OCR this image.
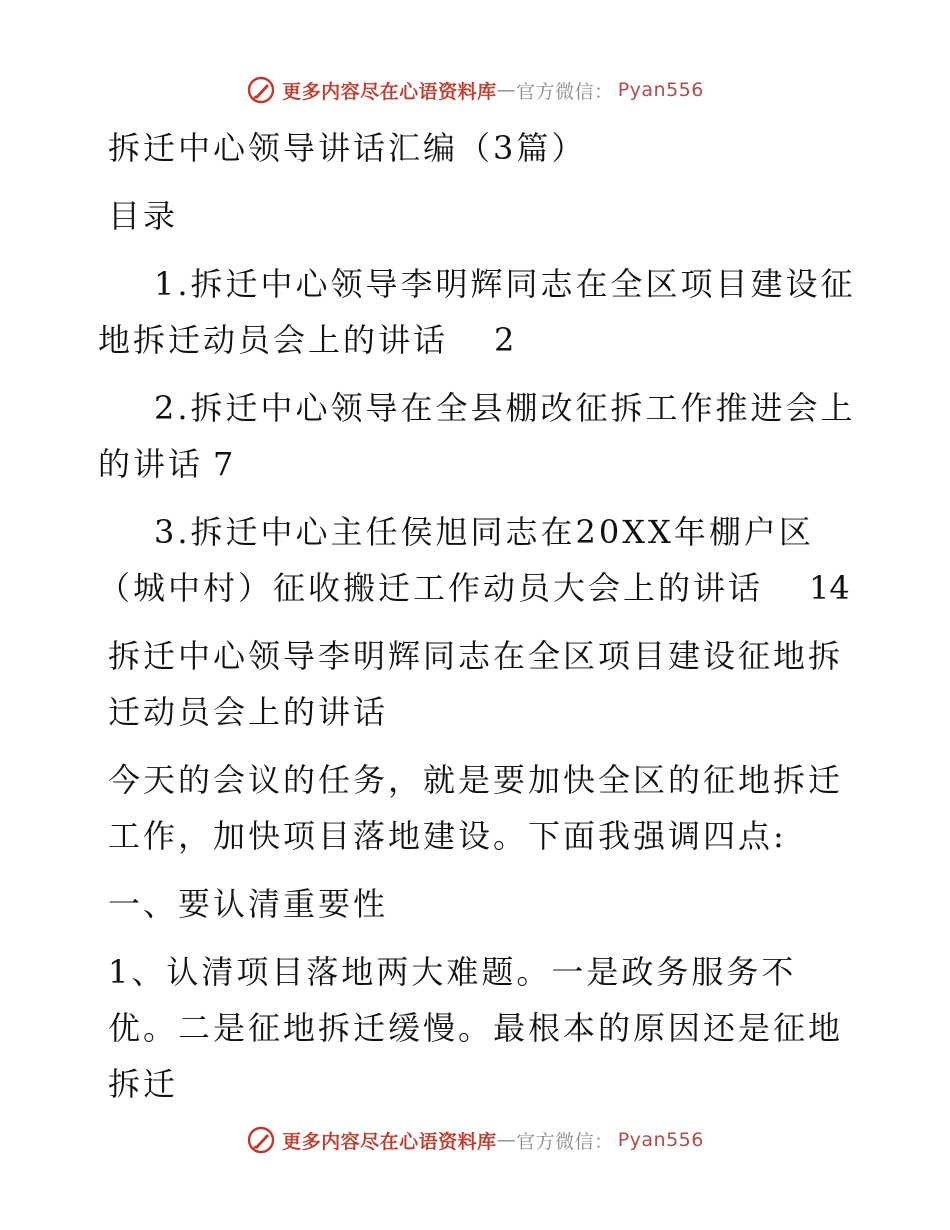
更多内容尽在心语资料库 — 官方微信： Pyan556

拆迁中心领导讲话汇编（3篇）

目录

1.拆迁中心领导李明辉同志在全区项目建设征地拆迁动员会上的讲话 2

2.拆迁中心领导在全县棚改征拆工作推进会上的讲话 7

3.拆迁中心主任侯旭同志在20XX年棚户区（城中村）征收搬迁工作动员大会上的讲话 14

拆迁中心领导李明辉同志在全区项目建设征地拆迁动员会上的讲话

今天的会议的任务，就是要加快全区的征地拆迁工作，加快项目落地建设。下面我强调四点:

一、要认清重要性

1、认清项目落地两大难题。一是政务服务不优。二是征地拆迁缓慢。最根本的原因还是征地拆迁

更多内容尽在心语资料库 — 官方微信： Pyan556
